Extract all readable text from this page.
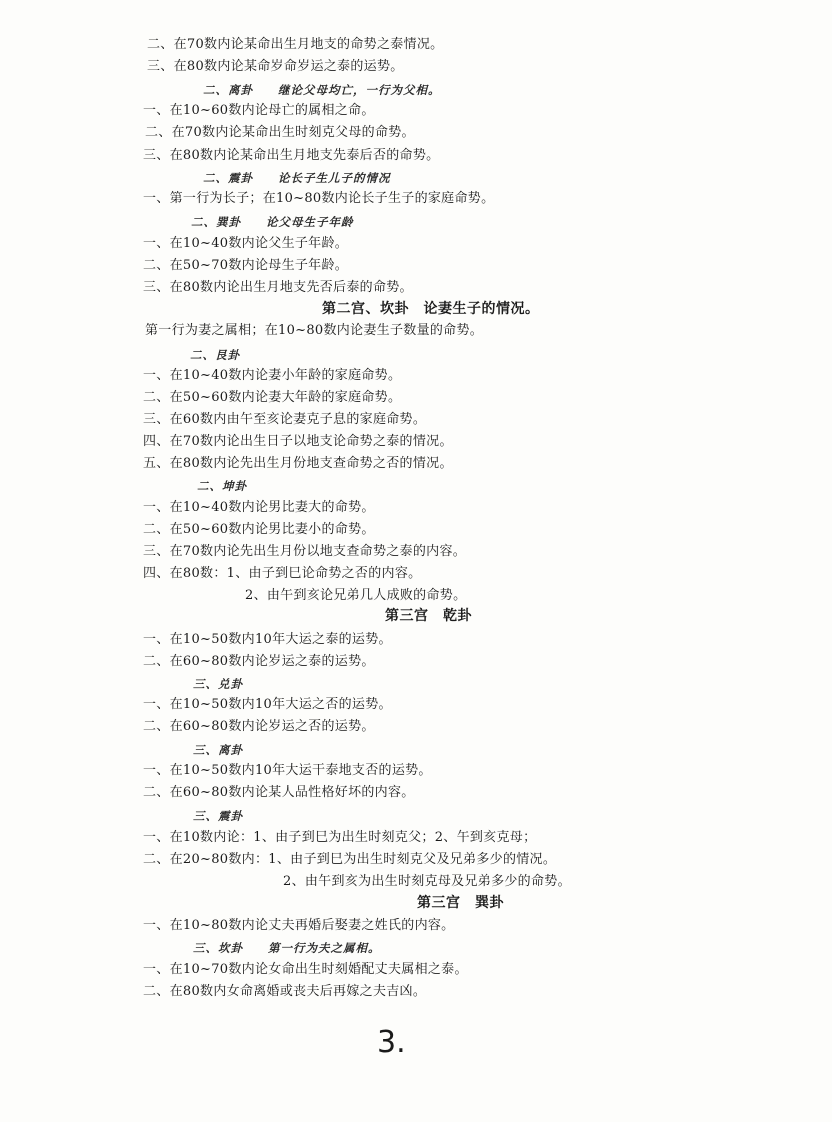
二、在70数内论某命出生月地支的命势之泰情况。
三、在80数内论某命岁命岁运之泰的运势。
二、离卦　　继论父母均亡，一行为父相。
一、在10~60数内论母亡的属相之命。
二、在70数内论某命出生时刻克父母的命势。
三、在80数内论某命出生月地支先泰后否的命势。
二、震卦　　论长子生儿子的情况
一、第一行为长子；在10~80数内论长子生子的家庭命势。
二、巽卦　　论父母生子年龄
一、在10~40数内论父生子年龄。
二、在50~70数内论母生子年龄。
三、在80数内论出生月地支先否后泰的命势。
第二宫、坎卦　论妻生子的情况。
第一行为妻之属相；在10~80数内论妻生子数量的命势。
二、艮卦
一、在10~40数内论妻小年龄的家庭命势。
二、在50~60数内论妻大年龄的家庭命势。
三、在60数内由午至亥论妻克子息的家庭命势。
四、在70数内论出生日子以地支论命势之泰的情况。
五、在80数内论先出生月份地支查命势之否的情况。
二、坤卦
一、在10~40数内论男比妻大的命势。
二、在50~60数内论男比妻小的命势。
三、在70数内论先出生月份以地支查命势之泰的内容。
四、在80数：1、由子到巳论命势之否的内容。
2、由午到亥论兄弟几人成败的命势。
第三宫　乾卦
一、在10~50数内10年大运之泰的运势。
二、在60~80数内论岁运之泰的运势。
三、兑卦
一、在10~50数内10年大运之否的运势。
二、在60~80数内论岁运之否的运势。
三、离卦
一、在10~50数内10年大运干泰地支否的运势。
二、在60~80数内论某人品性格好坏的内容。
三、震卦
一、在10数内论：1、由子到巳为出生时刻克父；2、午到亥克母；
二、在20~80数内：1、由子到巳为出生时刻克父及兄弟多少的情况。
2、由午到亥为出生时刻克母及兄弟多少的命势。
第三宫　巽卦
一、在10~80数内论丈夫再婚后娶妻之姓氏的内容。
三、坎卦　　第一行为夫之属相。
一、在10~70数内论女命出生时刻婚配丈夫属相之泰。
二、在80数内女命离婚或丧夫后再嫁之夫吉凶。
3.
